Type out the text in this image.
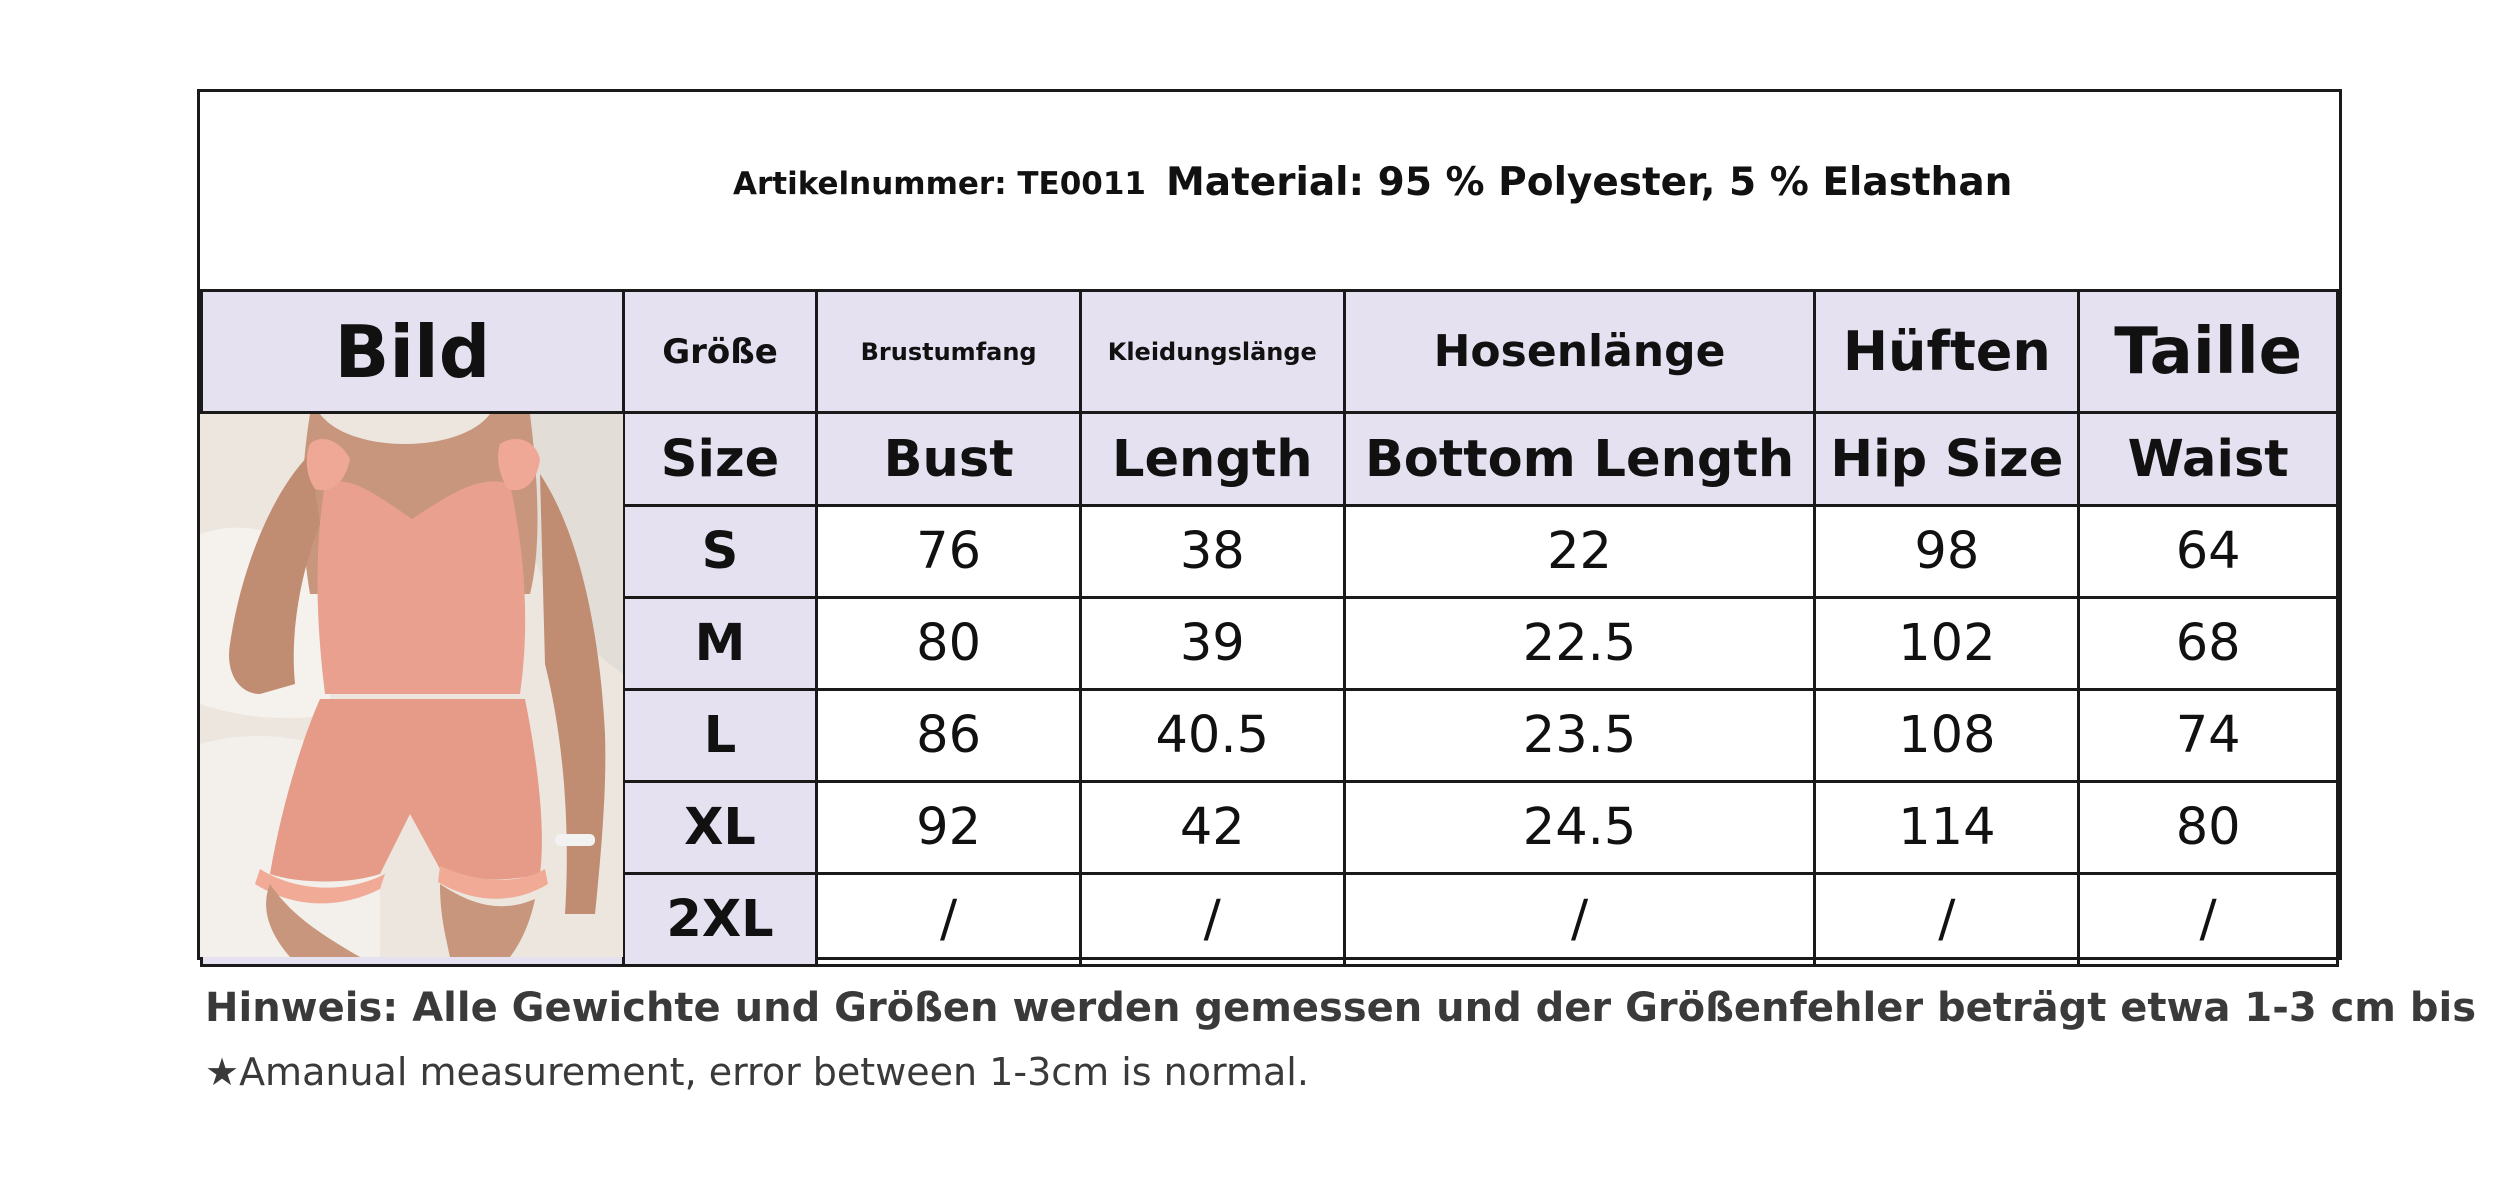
Artikelnummer: TE0011 Material: 95 % Polyester, 5 % Elasthan
Bild	Größe	Brustumfang	Kleidungslänge	Hosenlänge	Hüften	Taille
	Size	Bust	Length	Bottom Length	Hip Size	Waist
	S	76	38	22	98	64
	M	80	39	22.5	102	68
	L	86	40.5	23.5	108	74
	XL	92	42	24.5	114	80
	2XL	/	/	/	/	/
Hinweis: Alle Gewichte und Größen werden gemessen und der Größenfehler beträgt etwa 1-3 cm bis
★Amanual measurement, error between 1-3cm is normal.
